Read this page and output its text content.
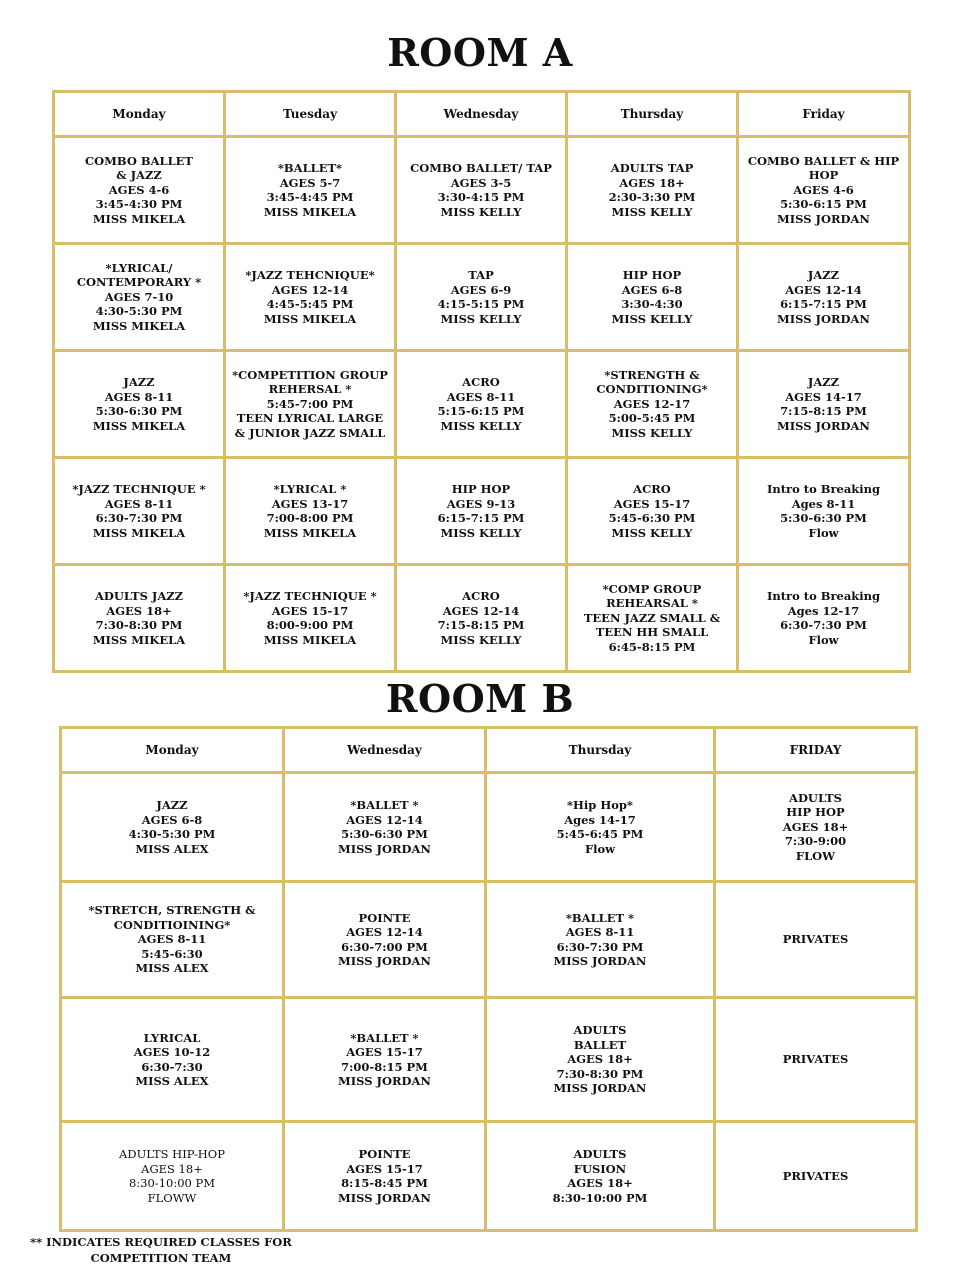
ROOM A
Monday	Tuesday	Wednesday	Thursday	Friday

COMBO BALLET
& JAZZ
AGES 4-6
3:45-4:30 PM
MISS MIKELA	*BALLET*
AGES 5-7
3:45-4:45 PM
MISS MIKELA	COMBO BALLET/ TAP
AGES 3-5
3:30-4:15 PM
MISS KELLY	ADULTS TAP
AGES 18+
2:30-3:30 PM
MISS KELLY	COMBO BALLET & HIP
HOP
AGES 4-6
5:30-6:15 PM
MISS JORDAN

*LYRICAL/
CONTEMPORARY *
AGES 7-10
4:30-5:30 PM
MISS MIKELA	*JAZZ TEHCNIQUE*
AGES 12-14
4:45-5:45 PM
MISS MIKELA	TAP
AGES 6-9
4:15-5:15 PM
MISS KELLY	HIP HOP
AGES 6-8
3:30-4:30
MISS KELLY	JAZZ
AGES 12-14
6:15-7:15 PM
MISS JORDAN

JAZZ
AGES 8-11
5:30-6:30 PM
MISS MIKELA	*COMPETITION GROUP
REHERSAL *
5:45-7:00 PM
TEEN LYRICAL LARGE
& JUNIOR JAZZ SMALL	ACRO
AGES 8-11
5:15-6:15 PM
MISS KELLY	*STRENGTH &
CONDITIONING*
AGES 12-17
5:00-5:45 PM
MISS KELLY	JAZZ
AGES 14-17
7:15-8:15 PM
MISS JORDAN

*JAZZ TECHNIQUE *
AGES 8-11
6:30-7:30 PM
MISS MIKELA	*LYRICAL *
AGES 13-17
7:00-8:00 PM
MISS MIKELA	HIP HOP
AGES 9-13
6:15-7:15 PM
MISS KELLY	ACRO
AGES 15-17
5:45-6:30 PM
MISS KELLY	Intro to Breaking
Ages 8-11
5:30-6:30 PM
Flow

ADULTS JAZZ
AGES 18+
7:30-8:30 PM
MISS MIKELA	*JAZZ TECHNIQUE *
AGES 15-17
8:00-9:00 PM
MISS MIKELA	ACRO
AGES 12-14
7:15-8:15 PM
MISS KELLY	*COMP GROUP
REHEARSAL *
TEEN JAZZ SMALL &
TEEN HH SMALL
6:45-8:15 PM	Intro to Breaking
Ages 12-17
6:30-7:30 PM
Flow
ROOM B
Monday	Wednesday	Thursday	FRIDAY

JAZZ
AGES 6-8
4:30-5:30 PM
MISS ALEX	*BALLET *
AGES 12-14
5:30-6:30 PM
MISS JORDAN	*Hip Hop*
Ages 14-17
5:45-6:45 PM
Flow	ADULTS
HIP HOP
AGES 18+
7:30-9:00
FLOW

*STRETCH, STRENGTH &
CONDITIOINING*
AGES 8-11
5:45-6:30
MISS ALEX	POINTE
AGES 12-14
6:30-7:00 PM
MISS JORDAN	*BALLET *
AGES 8-11
6:30-7:30 PM
MISS JORDAN	PRIVATES

LYRICAL
AGES 10-12
6:30-7:30
MISS ALEX	*BALLET *
AGES 15-17
7:00-8:15 PM
MISS JORDAN	ADULTS
BALLET
AGES 18+
7:30-8:30 PM
MISS JORDAN	PRIVATES

ADULTS HIP-HOP
AGES 18+
8:30-10:00 PM
FLOWW	POINTE
AGES 15-17
8:15-8:45 PM
MISS JORDAN	ADULTS
FUSION
AGES 18+
8:30-10:00 PM	PRIVATES
** INDICATES REQUIRED CLASSES FOR
COMPETITION TEAM
